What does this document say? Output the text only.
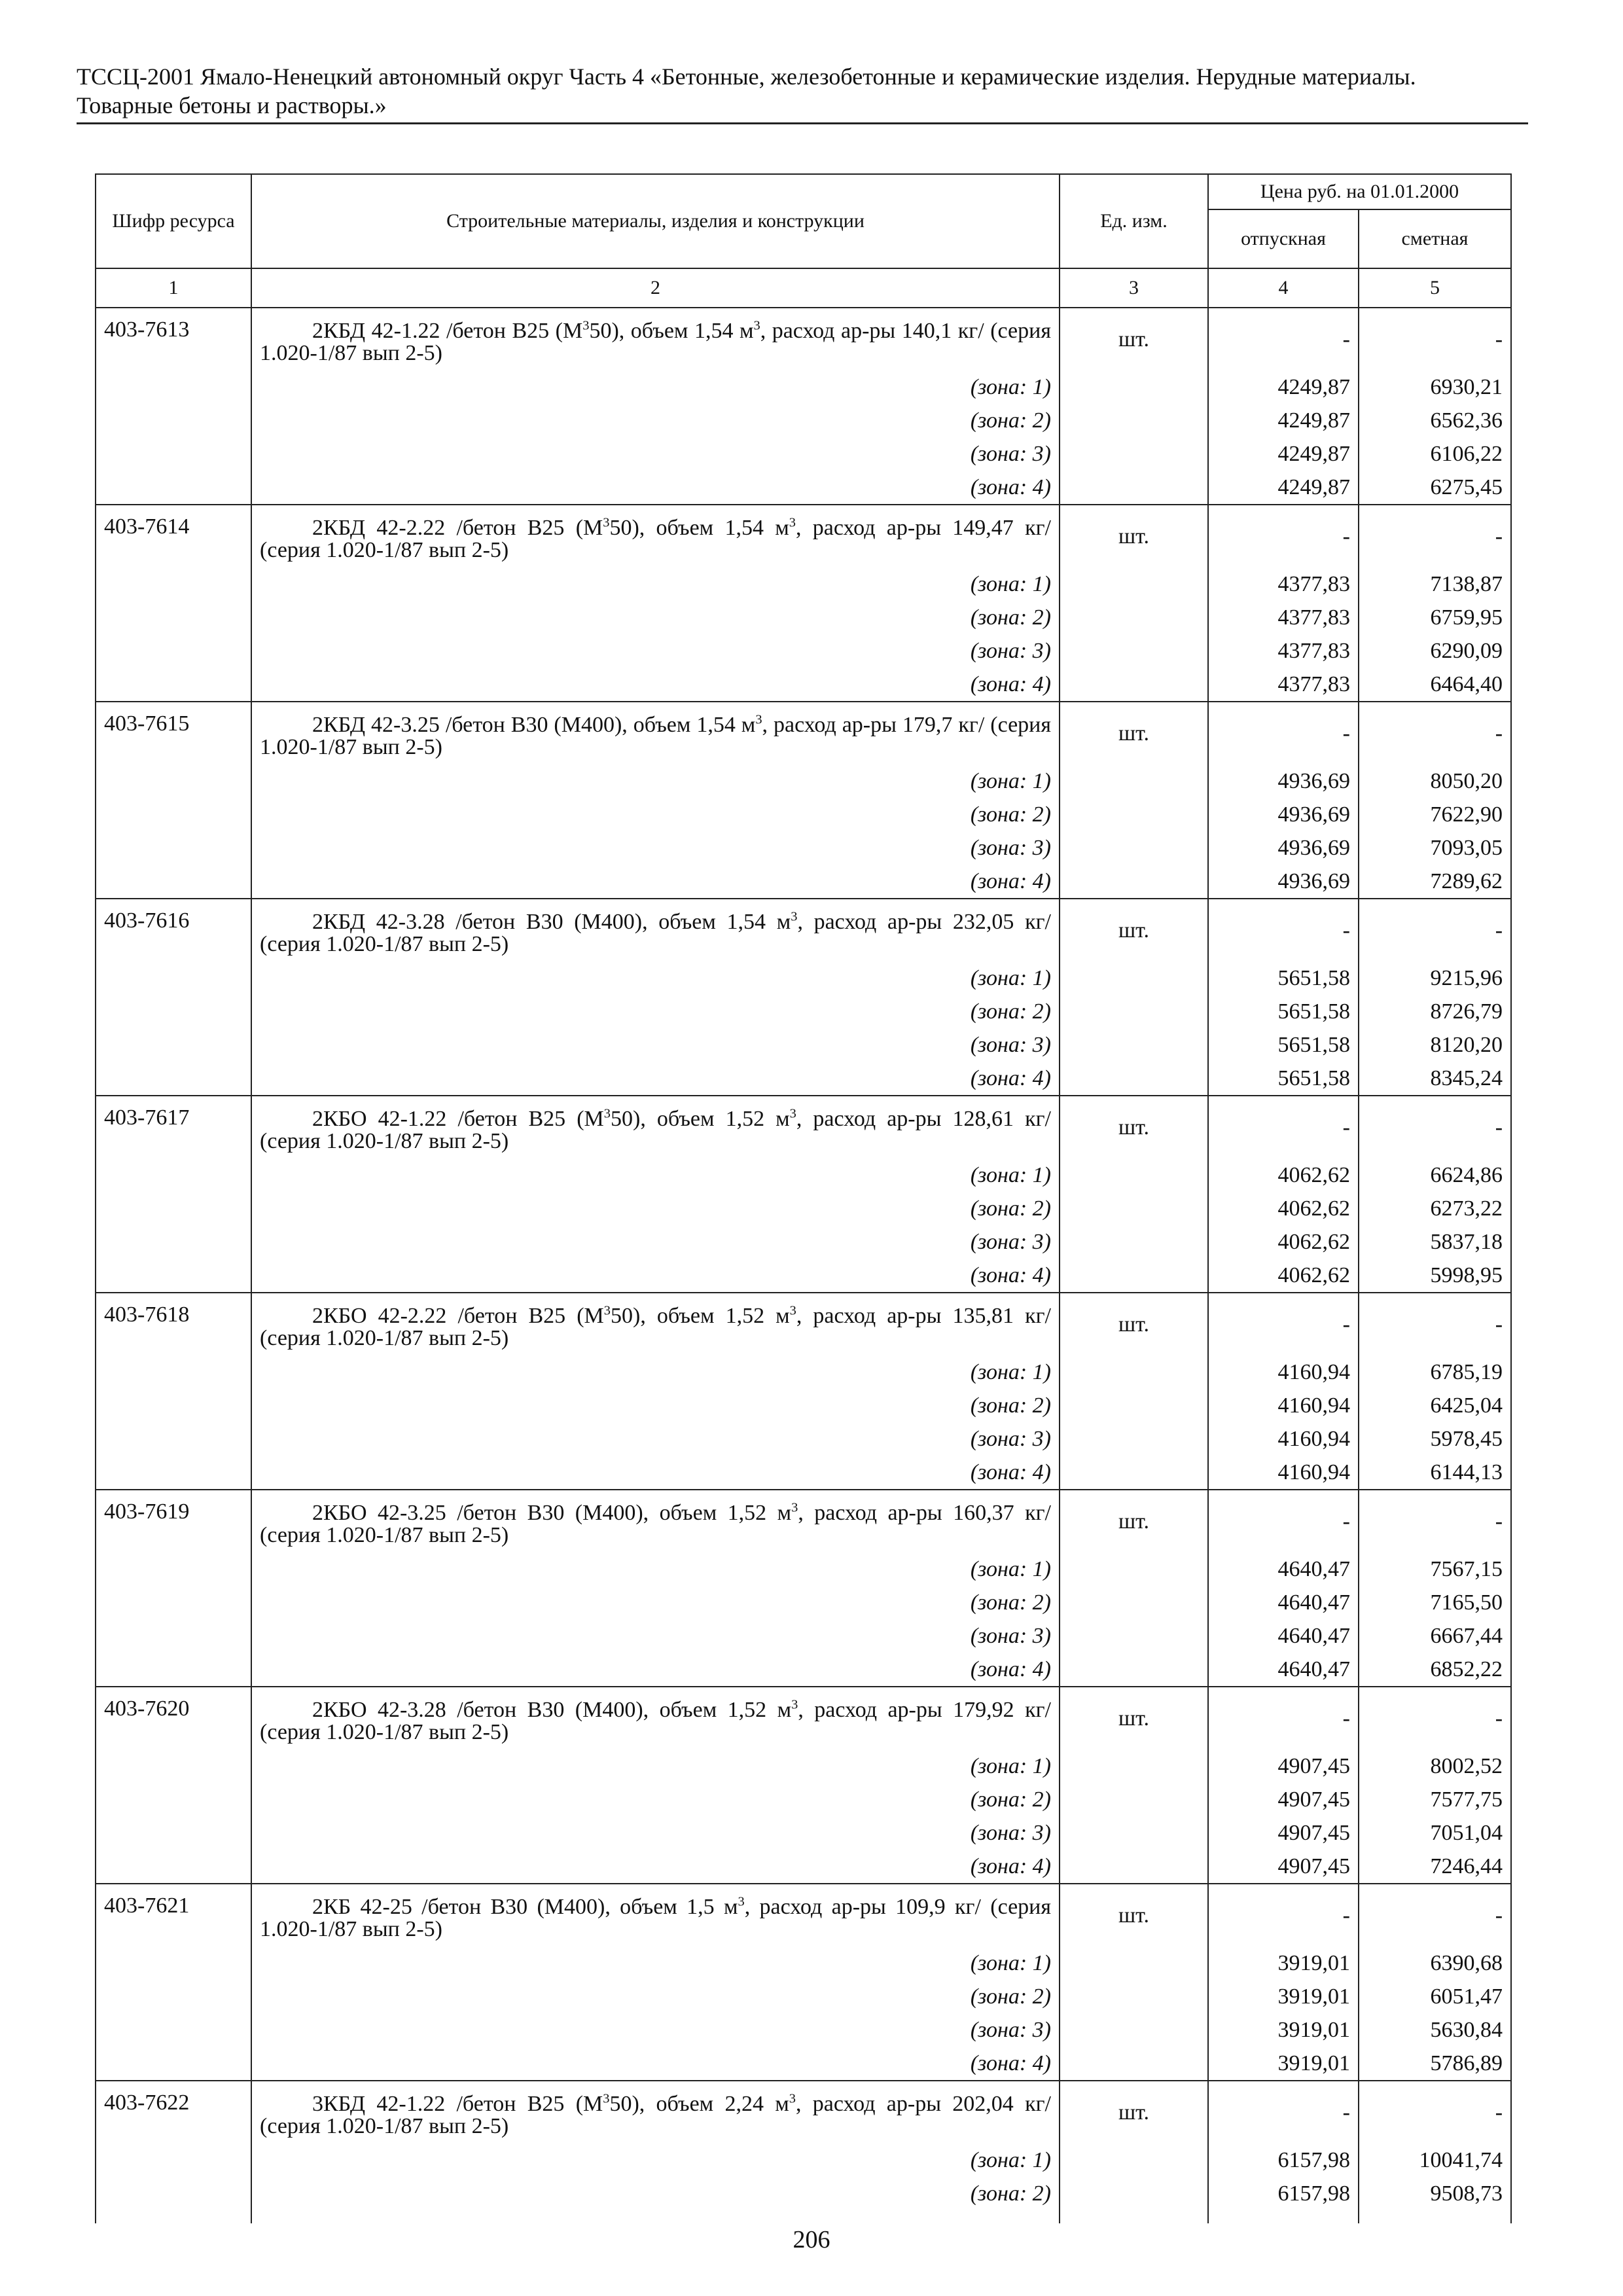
ТССЦ-2001 Ямало-Ненецкий автономный округ Часть 4 «Бетонные, железобетонные и керамические изделия. Нерудные материалы.
Товарные бетоны и растворы.»
Шифр ресурса	Строительные материалы, изделия и конструкции	Ед. изм.	Цена руб. на 01.01.2000	
			отпускная	сметная
1	2	3	4	5
403-7613	2КБД 42-1.22 /бетон В25 $(М^350)$, объем 1,54 $м^3$, расход ар-ры 140,1 кг/ (серия 1.020-1/87 вып 2-5)	шт.	-	-
	(зона: 1)		4249,87	6930,21
	(зона: 2)		4249,87	6562,36
	(зона: 3)		4249,87	6106,22
	(зона: 4)		4249,87	6275,45
403-7614	2КБД 42-2.22 /бетон В25 $(М^350)$, объем 1,54 $м^3$, расход ар-ры 149,47 кг/ (серия 1.020-1/87 вып 2-5)	шт.	-	-
	(зона: 1)		4377,83	7138,87
	(зона: 2)		4377,83	6759,95
	(зона: 3)		4377,83	6290,09
	(зона: 4)		4377,83	6464,40
403-7615	2КБД 42-3.25 /бетон В30 (М400), объем 1,54 $м^3$, расход ар-ры 179,7 кг/ (серия 1.020-1/87 вып 2-5)	шт.	-	-
	(зона: 1)		4936,69	8050,20
	(зона: 2)		4936,69	7622,90
	(зона: 3)		4936,69	7093,05
	(зона: 4)		4936,69	7289,62
403-7616	2КБД 42-3.28 /бетон В30 (М400), объем 1,54 $м^3$, расход ар-ры 232,05 кг/ (серия 1.020-1/87 вып 2-5)	шт.	-	-
	(зона: 1)		5651,58	9215,96
	(зона: 2)		5651,58	8726,79
	(зона: 3)		5651,58	8120,20
	(зона: 4)		5651,58	8345,24
403-7617	2КБО 42-1.22 /бетон В25 $(М^350)$, объем 1,52 $м^3$, расход ар-ры 128,61 кг/ (серия 1.020-1/87 вып 2-5)	шт.	-	-
	(зона: 1)		4062,62	6624,86
	(зона: 2)		4062,62	6273,22
	(зона: 3)		4062,62	5837,18
	(зона: 4)		4062,62	5998,95
403-7618	2КБО 42-2.22 /бетон В25 $(М^350)$, объем 1,52 $м^3$, расход ар-ры 135,81 кг/ (серия 1.020-1/87 вып 2-5)	шт.	-	-
	(зона: 1)		4160,94	6785,19
	(зона: 2)		4160,94	6425,04
	(зона: 3)		4160,94	5978,45
	(зона: 4)		4160,94	6144,13
403-7619	2КБО 42-3.25 /бетон В30 (М400), объем 1,52 $м^3$, расход ар-ры 160,37 кг/ (серия 1.020-1/87 вып 2-5)	шт.	-	-
	(зона: 1)		4640,47	7567,15
	(зона: 2)		4640,47	7165,50
	(зона: 3)		4640,47	6667,44
	(зона: 4)		4640,47	6852,22
403-7620	2КБО 42-3.28 /бетон В30 (М400), объем 1,52 $м^3$, расход ар-ры 179,92 кг/ (серия 1.020-1/87 вып 2-5)	шт.	-	-
	(зона: 1)		4907,45	8002,52
	(зона: 2)		4907,45	7577,75
	(зона: 3)		4907,45	7051,04
	(зона: 4)		4907,45	7246,44
403-7621	2КБ 42-25 /бетон В30 (М400), объем 1,5 $м^3$, расход ар-ры 109,9 кг/ (серия 1.020-1/87 вып 2-5)	шт.	-	-
	(зона: 1)		3919,01	6390,68
	(зона: 2)		3919,01	6051,47
	(зона: 3)		3919,01	5630,84
	(зона: 4)		3919,01	5786,89
403-7622	3КБД 42-1.22 /бетон В25 $(М^350)$, объем 2,24 $м^3$, расход ар-ры 202,04 кг/ (серия 1.020-1/87 вып 2-5)	шт.	-	-
	(зона: 1)		6157,98	10041,74
	(зона: 2)		6157,98	9508,73

206
